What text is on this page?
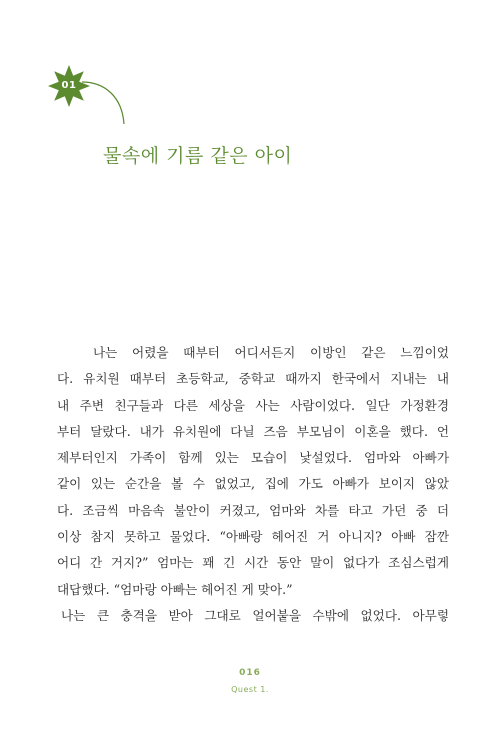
01
물속에 기름 같은 아이
나는 어렸을 때부터 어디서든지 이방인 같은 느낌이었
다. 유치원 때부터 초등학교, 중학교 때까지 한국에서 지내는 내
내 주변 친구들과 다른 세상을 사는 사람이었다. 일단 가정환경
부터 달랐다. 내가 유치원에 다닐 즈음 부모님이 이혼을 했다. 언
제부터인지 가족이 함께 있는 모습이 낯설었다. 엄마와 아빠가
같이 있는 순간을 볼 수 없었고, 집에 가도 아빠가 보이지 않았
다. 조금씩 마음속 불안이 커졌고, 엄마와 차를 타고 가던 중 더
이상 참지 못하고 물었다. “아빠랑 헤어진 거 아니지? 아빠 잠깐
어디 간 거지?” 엄마는 꽤 긴 시간 동안 말이 없다가 조심스럽게
대답했다. “엄마랑 아빠는 헤어진 게 맞아.”
나는 큰 충격을 받아 그대로 얼어붙을 수밖에 없었다. 아무렇
016
Quest 1.
